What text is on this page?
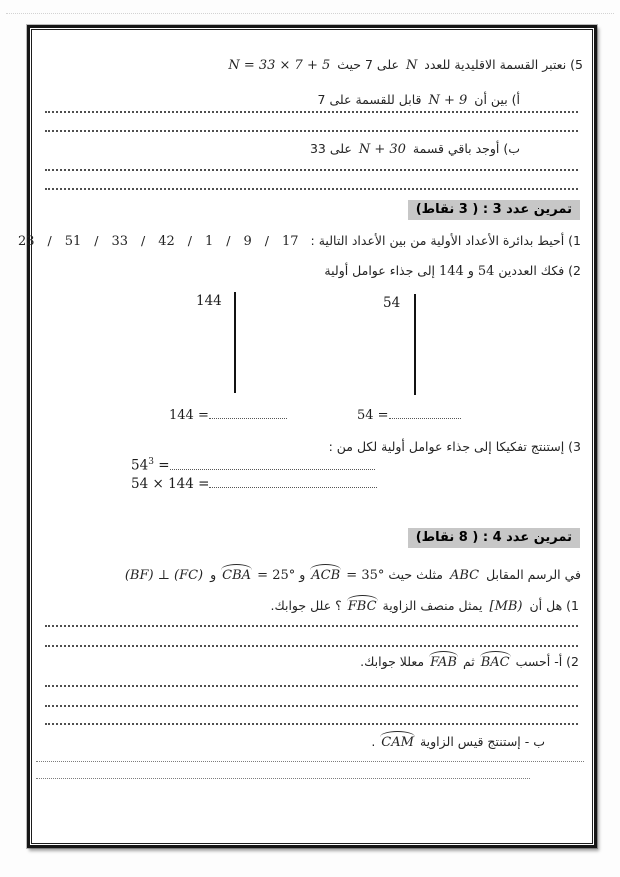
5) نعتبر القسمة الاقليدية للعدد N على 7 حيث N = 33 × 7 + 5
أ) بين أن N + 9 قابل للقسمة على 7
ب) أوجد باقي قسمة N + 30 على 33
تمرين عدد 3 : ( 3 نقاط)
1) أحيط بدائرة الأعداد الأولية من بين الأعداد التالية : 17/9/1/42/33/51/23
2) فكك العددين 54 و 144 إلى جذاء عوامل أولية
144	54
144 =	54 =
3) إستنتج تفكيكا إلى جذاء عوامل أولية لكل من :
$54^3$ =
54 × 144 =
تمرين عدد 4 : ( 8 نقاط)
في الرسم المقابل ABC مثلث حيث ACB = 35° و CBA = 25° و (BF) ⊥ (FC)
1) هل أن [MB) يمثل منصف الزاوية FBC ؟ علل جوابك.
2) أ- أحسب BAC ثم FAB معللا جوابك.
ب - إستنتج قيس الزاوية CAM .
